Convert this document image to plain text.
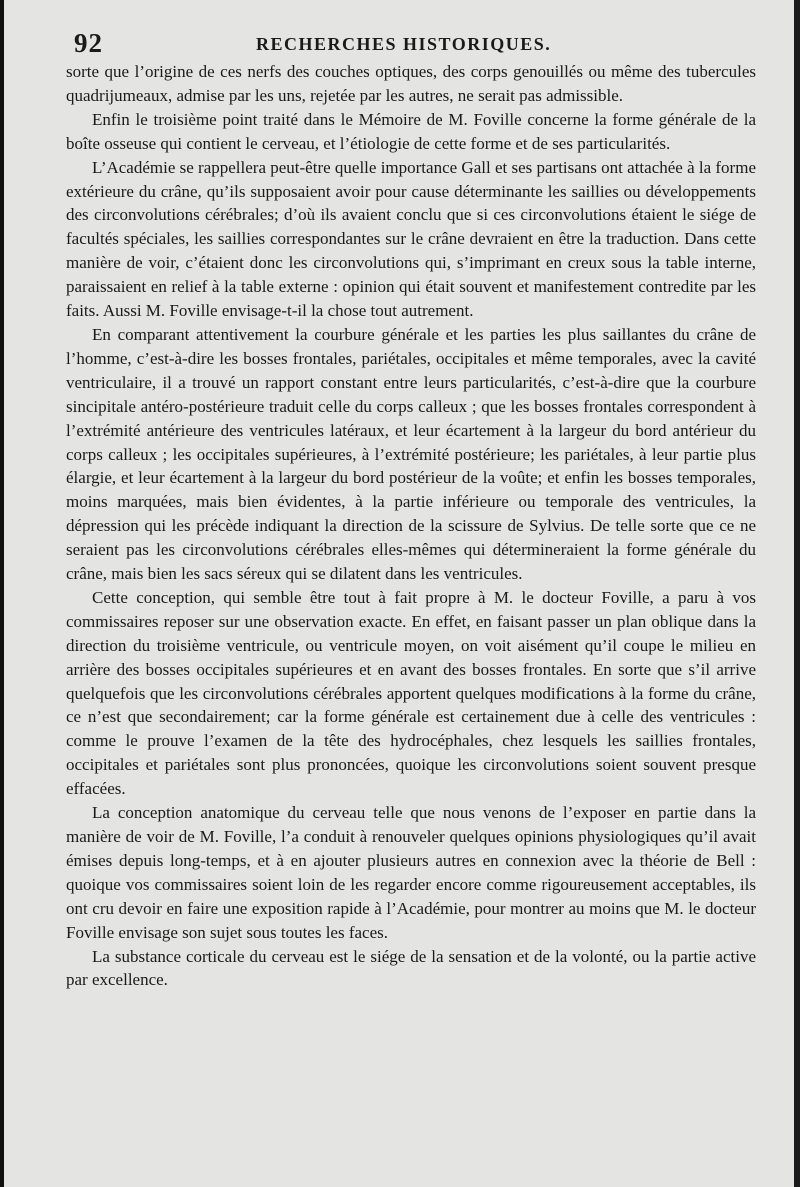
92	RECHERCHES HISTORIQUES.

sorte que l’origine de ces nerfs des couches optiques, des corps genouillés ou même des tubercules quadrijumeaux, admise par les uns, rejetée par les autres, ne serait pas admissible.

Enfin le troisième point traité dans le Mémoire de M. Foville concerne la forme générale de la boîte osseuse qui contient le cerveau, et l’étiologie de cette forme et de ses particularités.

L’Académie se rappellera peut-être quelle importance Gall et ses partisans ont attachée à la forme extérieure du crâne, qu’ils supposaient avoir pour cause déterminante les saillies ou développements des circonvolutions cérébrales; d’où ils avaient conclu que si ces circonvolutions étaient le siége de facultés spéciales, les saillies correspondantes sur le crâne devraient en être la traduction. Dans cette manière de voir, c’étaient donc les circonvolutions qui, s’imprimant en creux sous la table interne, paraissaient en relief à la table externe : opinion qui était souvent et manifestement contredite par les faits. Aussi M. Foville envisage-t-il la chose tout autrement.

En comparant attentivement la courbure générale et les parties les plus saillantes du crâne de l’homme, c’est-à-dire les bosses frontales, pariétales, occipitales et même temporales, avec la cavité ventriculaire, il a trouvé un rapport constant entre leurs particularités, c’est-à-dire que la courbure sincipitale antéro-postérieure traduit celle du corps calleux ; que les bosses frontales correspondent à l’extrémité antérieure des ventricules latéraux, et leur écartement à la largeur du bord antérieur du corps calleux ; les occipitales supérieures, à l’extrémité postérieure; les pariétales, à leur partie plus élargie, et leur écartement à la largeur du bord postérieur de la voûte; et enfin les bosses temporales, moins marquées, mais bien évidentes, à la partie inférieure ou temporale des ventricules, la dépression qui les précède indiquant la direction de la scissure de Sylvius. De telle sorte que ce ne seraient pas les circonvolutions cérébrales elles-mêmes qui détermineraient la forme générale du crâne, mais bien les sacs séreux qui se dilatent dans les ventricules.

Cette conception, qui semble être tout à fait propre à M. le docteur Foville, a paru à vos commissaires reposer sur une observation exacte. En effet, en faisant passer un plan oblique dans la direction du troisième ventricule, ou ventricule moyen, on voit aisément qu’il coupe le milieu en arrière des bosses occipitales supérieures et en avant des bosses frontales. En sorte que s’il arrive quelquefois que les circonvolutions cérébrales apportent quelques modifications à la forme du crâne, ce n’est que secondairement; car la forme générale est certainement due à celle des ventricules : comme le prouve l’examen de la tête des hydrocéphales, chez lesquels les saillies frontales, occipitales et pariétales sont plus prononcées, quoique les circonvolutions soient souvent presque effacées.

La conception anatomique du cerveau telle que nous venons de l’exposer en partie dans la manière de voir de M. Foville, l’a conduit à renouveler quelques opinions physiologiques qu’il avait émises depuis long-temps, et à en ajouter plusieurs autres en connexion avec la théorie de Bell : quoique vos commissaires soient loin de les regarder encore comme rigoureusement acceptables, ils ont cru devoir en faire une exposition rapide à l’Académie, pour montrer au moins que M. le docteur Foville envisage son sujet sous toutes les faces.

La substance corticale du cerveau est le siége de la sensation et de la volonté, ou la partie active par excellence.
